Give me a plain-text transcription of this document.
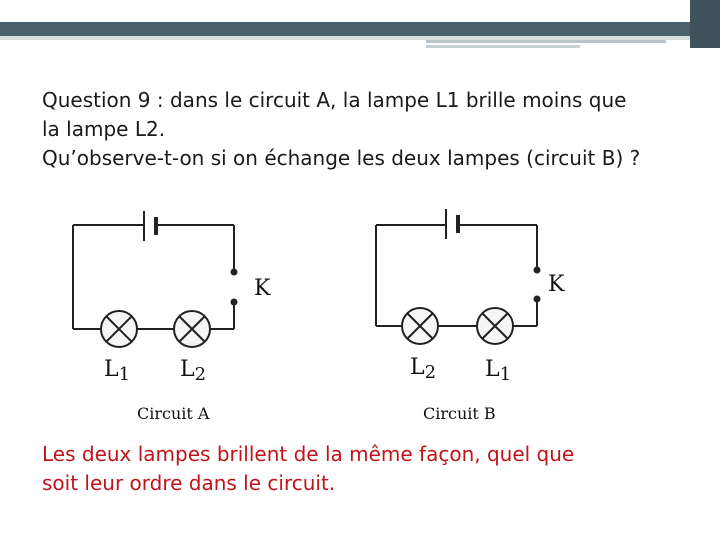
Question 9 : dans le circuit A, la lampe L1 brille moins que
la lampe L2.
Qu’observe-t-on si on échange les deux lampes (circuit B) ?

K
L1 L2
Circuit A
K
L2 L1
Circuit B

Les deux lampes brillent de la même façon, quel que
soit leur ordre dans le circuit.
